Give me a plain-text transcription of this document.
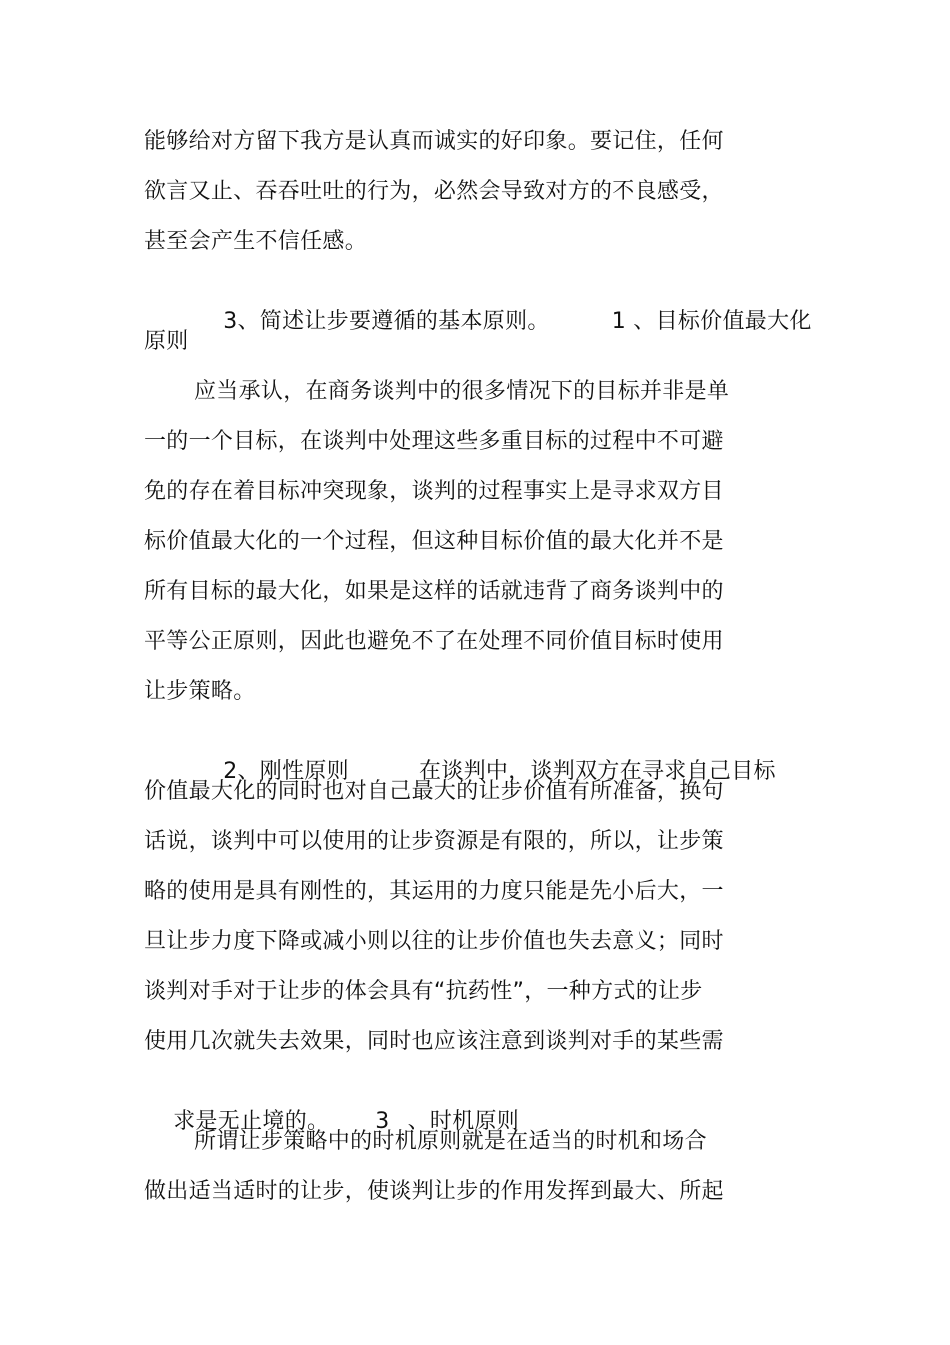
能够给对方留下我方是认真而诚实的好印象。要记住，任何
欲言又止、吞吞吐吐的行为，必然会导致对方的不良感受，
甚至会产生不信任感。

3、简述让步要遵循的基本原则。	1 、目标价值最大化

原则
应当承认，在商务谈判中的很多情况下的目标并非是单
一的一个目标，在谈判中处理这些多重目标的过程中不可避
免的存在着目标冲突现象，谈判的过程事实上是寻求双方目
标价值最大化的一个过程，但这种目标价值的最大化并不是
所有目标的最大化，如果是这样的话就违背了商务谈判中的
平等公正原则，因此也避免不了在处理不同价值目标时使用
让步策略。

2、刚性原则	在谈判中，谈判双方在寻求自己目标

价值最大化的同时也对自己最大的让步价值有所准备，换句
话说，谈判中可以使用的让步资源是有限的，所以，让步策
略的使用是具有刚性的，其运用的力度只能是先小后大，一
旦让步力度下降或减小则以往的让步价值也失去意义；同时
谈判对手对于让步的体会具有“抗药性”，一种方式的让步
使用几次就失去效果，同时也应该注意到谈判对手的某些需

求是无止境的。 3 、时机原则

所谓让步策略中的时机原则就是在适当的时机和场合
做出适当适时的让步，使谈判让步的作用发挥到最大、所起
